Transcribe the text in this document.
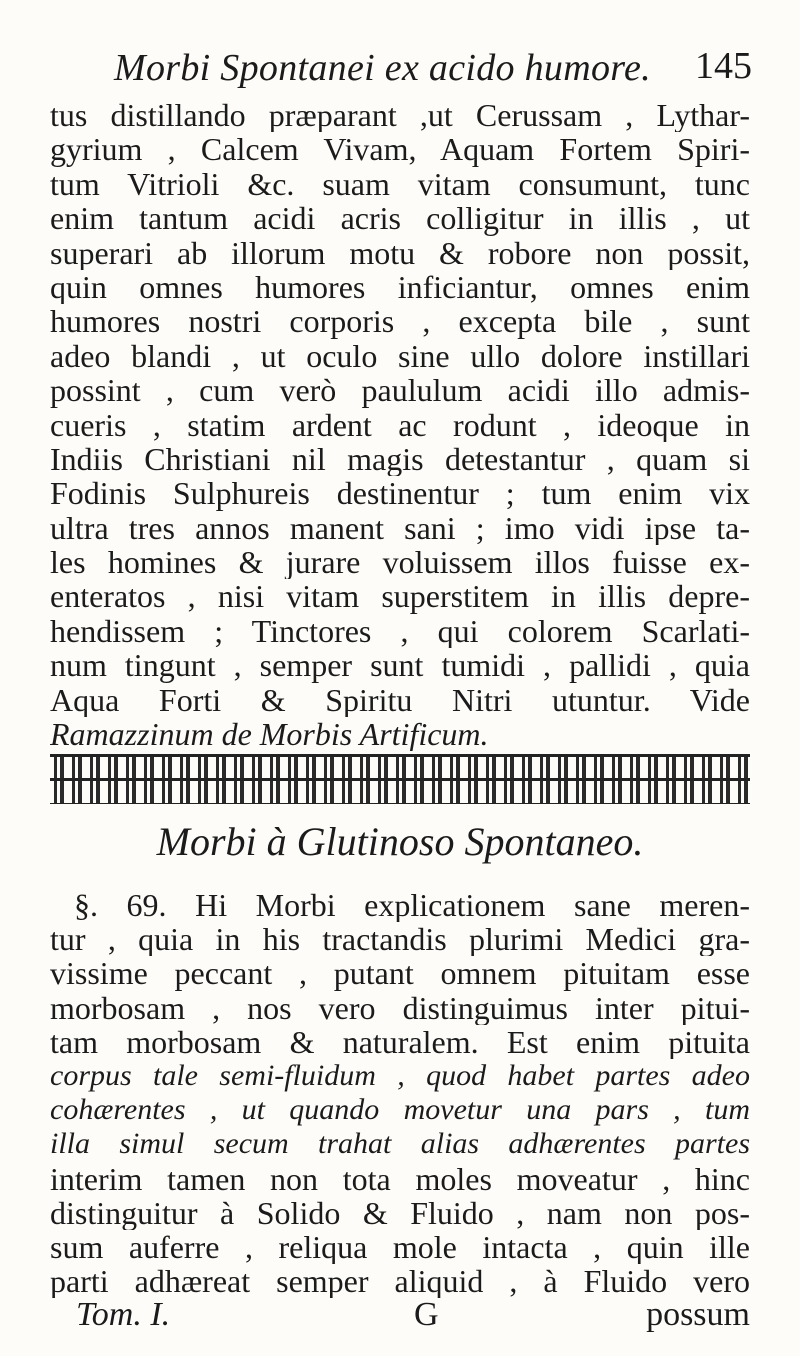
Morbi Spontanei ex acido humore. 145
tus distillando præparant ,ut Cerussam , Lythar-
gyrium , Calcem Vivam, Aquam Fortem Spiri-
tum Vitrioli &c. suam vitam consumunt, tunc
enim tantum acidi acris colligitur in illis , ut
superari ab illorum motu & robore non possit,
quin omnes humores inficiantur, omnes enim
humores nostri corporis , excepta bile , sunt
adeo blandi , ut oculo sine ullo dolore instillari
possint , cum verò paululum acidi illo admis-
cueris , statim ardent ac rodunt , ideoque in
Indiis Christiani nil magis detestantur , quam si
Fodinis Sulphureis destinentur ; tum enim vix
ultra tres annos manent sani ; imo vidi ipse ta-
les homines & jurare voluissem illos fuisse ex-
enteratos , nisi vitam superstitem in illis depre-
hendissem ; Tinctores , qui colorem Scarlati-
num tingunt , semper sunt tumidi , pallidi , quia
Aqua Forti & Spiritu Nitri utuntur. Vide
Ramazzinum de Morbis Artificum.
Morbi à Glutinoso Spontaneo.
§. 69. Hi Morbi explicationem sane meren-
tur , quia in his tractandis plurimi Medici gra-
vissime peccant , putant omnem pituitam esse
morbosam , nos vero distinguimus inter pitui-
tam morbosam & naturalem. Est enim pituita
corpus tale semi-fluidum , quod habet partes adeo
cohærentes , ut quando movetur una pars , tum
illa simul secum trahat alias adhærentes partes
interim tamen non tota moles moveatur , hinc
distinguitur à Solido & Fluido , nam non pos-
sum auferre , reliqua mole intacta , quin ille
parti adhæreat semper aliquid , à Fluido vero
Tom. I.	G	possum
